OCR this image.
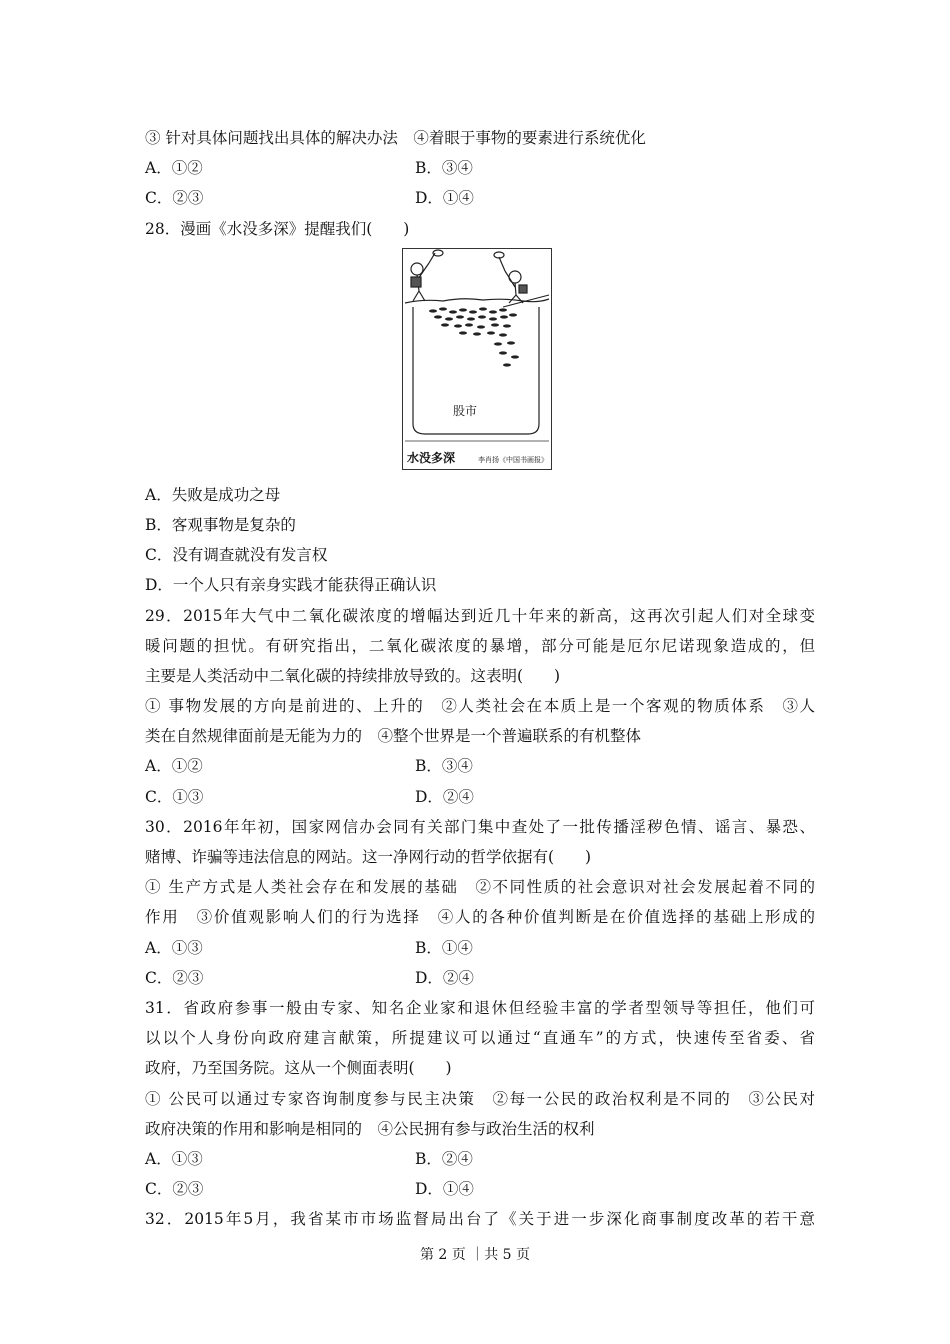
③ 针对具体问题找出具体的解决办法　④着眼于事物的要素进行系统优化
A．①②	B．③④
C．②③	D．①④
28．漫画《水没多深》提醒我们(　　)
股市
水没多深	李肖扬《中国书画报》
A．失败是成功之母
B．客观事物是复杂的
C．没有调查就没有发言权
D．一个人只有亲身实践才能获得正确认识
29．2015年大气中二氧化碳浓度的增幅达到近几十年来的新高，这再次引起人们对全球变
暖问题的担忧。有研究指出，二氧化碳浓度的暴增，部分可能是厄尔尼诺现象造成的，但
主要是人类活动中二氧化碳的持续排放导致的。这表明(　　)
① 事物发展的方向是前进的、上升的　②人类社会在本质上是一个客观的物质体系　③人
类在自然规律面前是无能为力的　④整个世界是一个普遍联系的有机整体
A．①②	B．③④
C．①③	D．②④
30．2016年年初，国家网信办会同有关部门集中查处了一批传播淫秽色情、谣言、暴恐、
赌博、诈骗等违法信息的网站。这一净网行动的哲学依据有(　　)
① 生产方式是人类社会存在和发展的基础　②不同性质的社会意识对社会发展起着不同的
作用　③价值观影响人们的行为选择　④人的各种价值判断是在价值选择的基础上形成的
A．①③	B．①④
C．②③	D．②④
31．省政府参事一般由专家、知名企业家和退休但经验丰富的学者型领导等担任，他们可
以以个人身份向政府建言献策，所提建议可以通过“直通车”的方式，快速传至省委、省
政府，乃至国务院。这从一个侧面表明(　　)
① 公民可以通过专家咨询制度参与民主决策　②每一公民的政治权利是不同的　③公民对
政府决策的作用和影响是相同的　④公民拥有参与政治生活的权利
A．①③	B．②④
C．②③	D．①④
32．2015年5月，我省某市市场监督局出台了《关于进一步深化商事制度改革的若干意
第 2 页 ｜共 5 页
